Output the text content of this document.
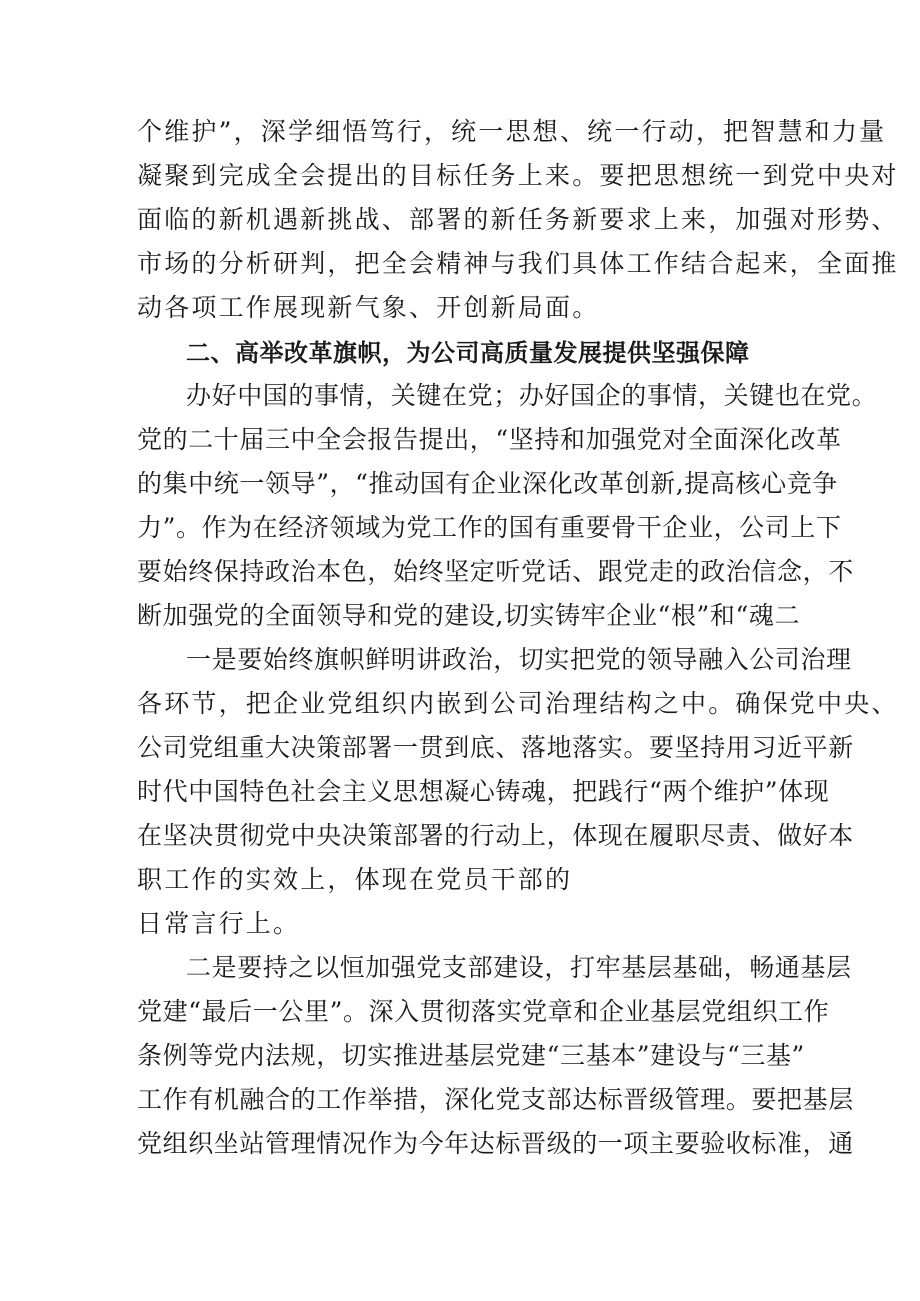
个维护”，深学细悟笃行，统一思想、统一行动，把智慧和力量
凝聚到完成全会提出的目标任务上来。要把思想统一到党中央对
面临的新机遇新挑战、部署的新任务新要求上来，加强对形势、
市场的分析研判，把全会精神与我们具体工作结合起来，全面推
动各项工作展现新气象、开创新局面。
二、高举改革旗帜，为公司高质量发展提供坚强保障
办好中国的事情，关键在党；办好国企的事情，关键也在党。
党的二十届三中全会报告提出，“坚持和加强党对全面深化改革
的集中统一领导”，“推动国有企业深化改革创新,提高核心竞争
力”。作为在经济领域为党工作的国有重要骨干企业，公司上下
要始终保持政治本色，始终坚定听党话、跟党走的政治信念，不
断加强党的全面领导和党的建设,切实铸牢企业“根”和“魂二
一是要始终旗帜鲜明讲政治，切实把党的领导融入公司治理
各环节，把企业党组织内嵌到公司治理结构之中。确保党中央、
公司党组重大决策部署一贯到底、落地落实。要坚持用习近平新
时代中国特色社会主义思想凝心铸魂，把践行“两个维护”体现
在坚决贯彻党中央决策部署的行动上，体现在履职尽责、做好本
职工作的实效上，体现在党员干部的
日常言行上。
二是要持之以恒加强党支部建设，打牢基层基础，畅通基层
党建“最后一公里”。深入贯彻落实党章和企业基层党组织工作
条例等党内法规，切实推进基层党建“三基本”建设与“三基”
工作有机融合的工作举措，深化党支部达标晋级管理。要把基层
党组织坐站管理情况作为今年达标晋级的一项主要验收标准，通
